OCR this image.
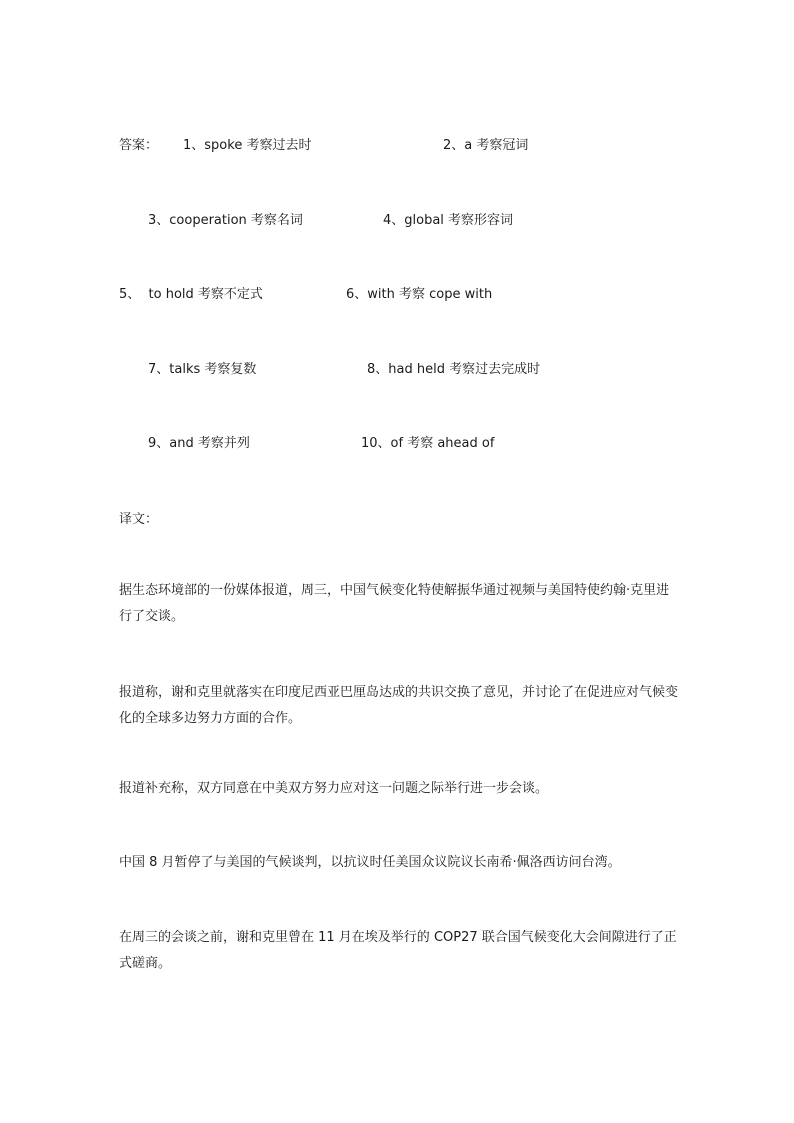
答案： 1、spoke 考察过去时	2、a 考察冠词
3、cooperation 考察名词	4、global 考察形容词
5、  to hold 考察不定式	6、with 考察 cope with
7、talks 考察复数	8、had held 考察过去完成时
9、and 考察并列	10、of 考察 ahead of
译文：
据生态环境部的一份媒体报道，周三，中国气候变化特使解振华通过视频与美国特使约翰·克里进行了交谈。
报道称，谢和克里就落实在印度尼西亚巴厘岛达成的共识交换了意见，并讨论了在促进应对气候变化的全球多边努力方面的合作。
报道补充称，双方同意在中美双方努力应对这一问题之际举行进一步会谈。
中国 8 月暂停了与美国的气候谈判，以抗议时任美国众议院议长南希·佩洛西访问台湾。
在周三的会谈之前，谢和克里曾在 11 月在埃及举行的 COP27 联合国气候变化大会间隙进行了正式磋商。
